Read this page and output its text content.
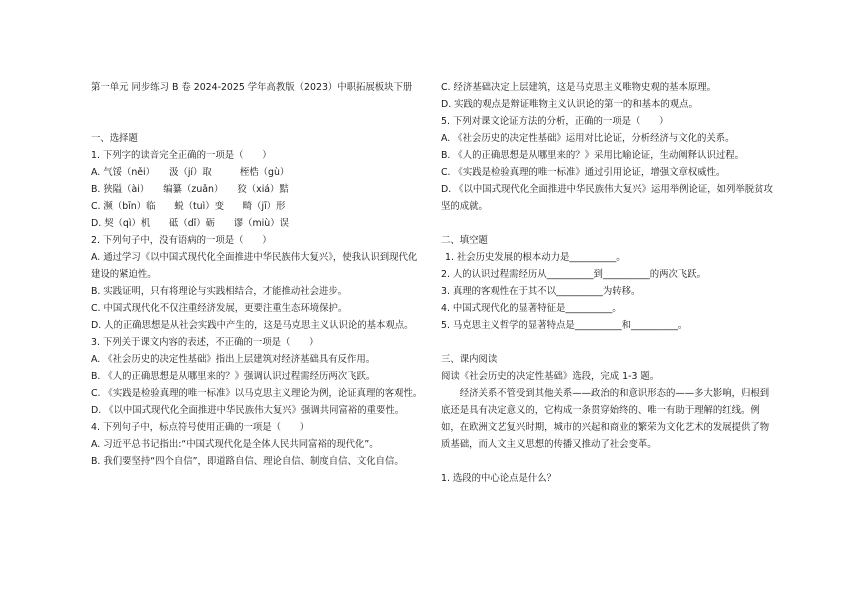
第一单元 同步练习 B 卷 2024-2025 学年高教版（2023）中职拓展板块下册
一、选择题
1. 下列字的读音完全正确的一项是（　　）
A. 气馁（něi）　　汲（jí）取　　　桎梏（gù）
B. 狭隘（ài）　　编纂（zuǎn）　　狡（xiá）黠
C. 濒（bīn）临　　蜕（tuì）变　　畸（jī）形
D. 契（qì）机　　砥（dǐ）砺　　谬（miù）误
2. 下列句子中，没有语病的一项是（　　）
A. 通过学习《以中国式现代化全面推进中华民族伟大复兴》，使我认识到现代化建设的紧迫性。
B. 实践证明，只有将理论与实践相结合，才能推动社会进步。
C. 中国式现代化不仅注重经济发展，更要注重生态环境保护。
D. 人的正确思想是从社会实践中产生的，这是马克思主义认识论的基本观点。
3. 下列关于课文内容的表述，不正确的一项是（　　）
A. 《社会历史的决定性基础》指出上层建筑对经济基础具有反作用。
B. 《人的正确思想是从哪里来的？》强调认识过程需经历两次飞跃。
C. 《实践是检验真理的唯一标准》以马克思主义理论为例，论证真理的客观性。
D. 《以中国式现代化全面推进中华民族伟大复兴》强调共同富裕的重要性。
4. 下列句子中，标点符号使用正确的一项是（　　）
A. 习近平总书记指出:“中国式现代化是全体人民共同富裕的现代化”。
B. 我们要坚持“四个自信”，即道路自信、理论自信、制度自信、文化自信。
C. 经济基础决定上层建筑，这是马克思主义唯物史观的基本原理。
D. 实践的观点是辩证唯物主义认识论的第一的和基本的观点。
5. 下列对课文论证方法的分析，正确的一项是（　　）
A. 《社会历史的决定性基础》运用对比论证，分析经济与文化的关系。
B. 《人的正确思想是从哪里来的？》采用比喻论证，生动阐释认识过程。
C. 《实践是检验真理的唯一标准》通过引用论证，增强文章权威性。
D. 《以中国式现代化全面推进中华民族伟大复兴》运用举例论证，如列举脱贫攻坚的成就。
二、填空题
1. 社会历史发展的根本动力是__________。
2. 人的认识过程需经历从__________到__________的两次飞跃。
3. 真理的客观性在于其不以__________为转移。
4. 中国式现代化的显著特征是__________。
5. 马克思主义哲学的显著特点是__________和__________。
三、课内阅读
阅读《社会历史的决定性基础》选段，完成 1-3 题。
经济关系不管受到其他关系——政治的和意识形态的——多大影响，归根到底还是具有决定意义的，它构成一条贯穿始终的、唯一有助于理解的红线。例如，在欧洲文艺复兴时期，城市的兴起和商业的繁荣为文化艺术的发展提供了物质基础，而人文主义思想的传播又推动了社会变革。
1. 选段的中心论点是什么？
